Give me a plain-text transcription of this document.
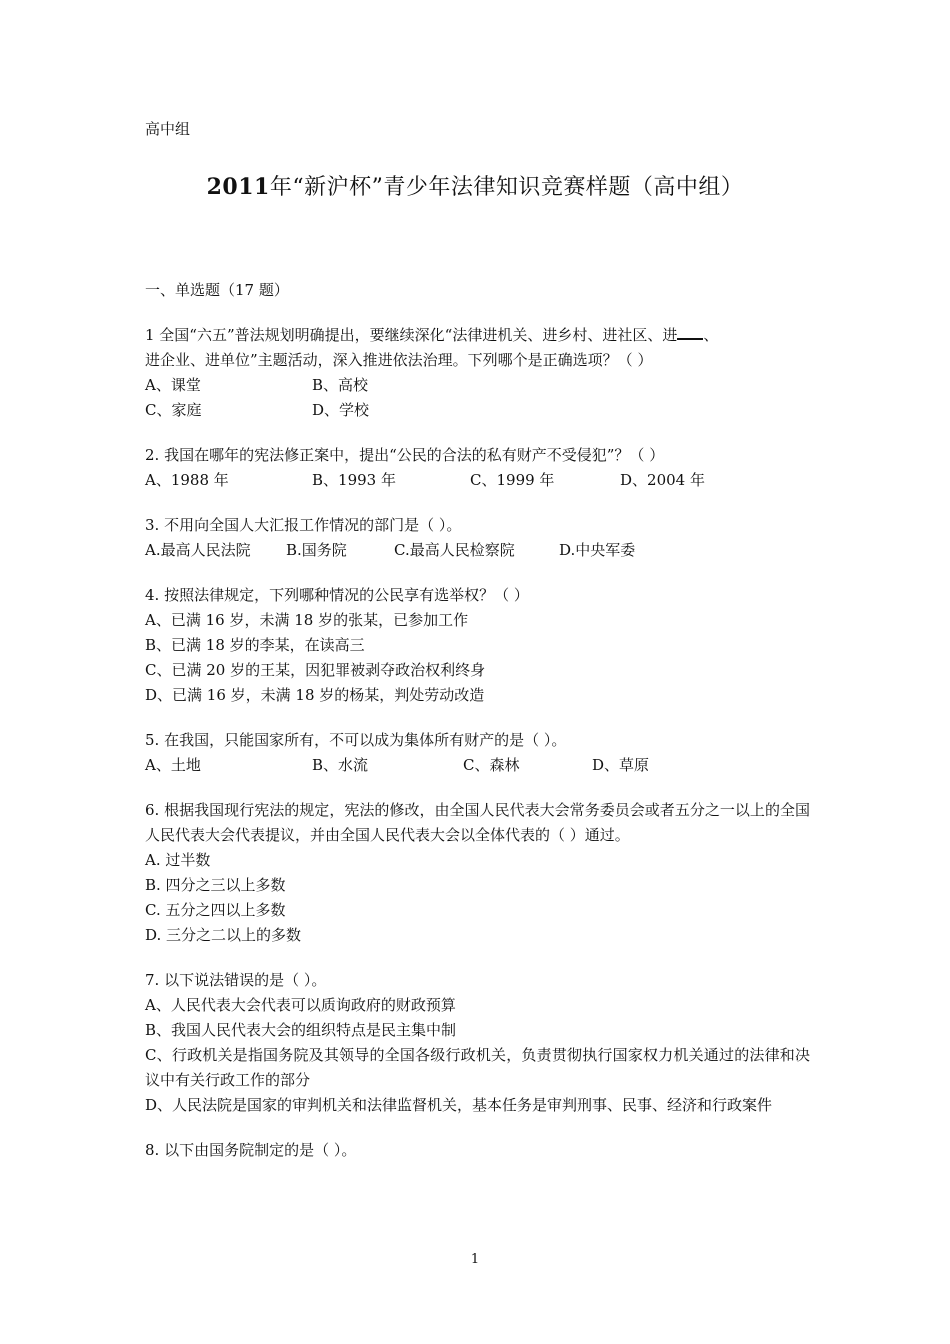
高中组
2011年“新沪杯”青少年法律知识竞赛样题（高中组）
一、单选题（17 题）
1 全国“六五”普法规划明确提出，要继续深化“法律进机关、进乡村、进社区、进 、
进企业、进单位”主题活动，深入推进依法治理。下列哪个是正确选项？（ ）
A、课堂	B、高校
C、家庭	D、学校
2. 我国在哪年的宪法修正案中，提出“公民的合法的私有财产不受侵犯”？（ ）
A、1988 年	B、1993 年	C、1999 年	D、2004 年
3. 不用向全国人大汇报工作情况的部门是（ ）。
A.最高人民法院	B.国务院	C.最高人民检察院	D.中央军委
4. 按照法律规定，下列哪种情况的公民享有选举权？（ ）
A、已满 16 岁，未满 18 岁的张某，已参加工作
B、已满 18 岁的李某，在读高三
C、已满 20 岁的王某，因犯罪被剥夺政治权利终身
D、已满 16 岁，未满 18 岁的杨某，判处劳动改造
5. 在我国，只能国家所有，不可以成为集体所有财产的是（ ）。
A、土地	B、水流	C、森林	D、草原
6. 根据我国现行宪法的规定，宪法的修改，由全国人民代表大会常务委员会或者五分之一以上的全国人民代表大会代表提议，并由全国人民代表大会以全体代表的（ ）通过。
A. 过半数
B. 四分之三以上多数
C. 五分之四以上多数
D. 三分之二以上的多数
7. 以下说法错误的是（ ）。
A、人民代表大会代表可以质询政府的财政预算
B、我国人民代表大会的组织特点是民主集中制
C、行政机关是指国务院及其领导的全国各级行政机关，负责贯彻执行国家权力机关通过的法律和决议中有关行政工作的部分
D、人民法院是国家的审判机关和法律监督机关，基本任务是审判刑事、民事、经济和行政案件
8. 以下由国务院制定的是（ ）。
1
